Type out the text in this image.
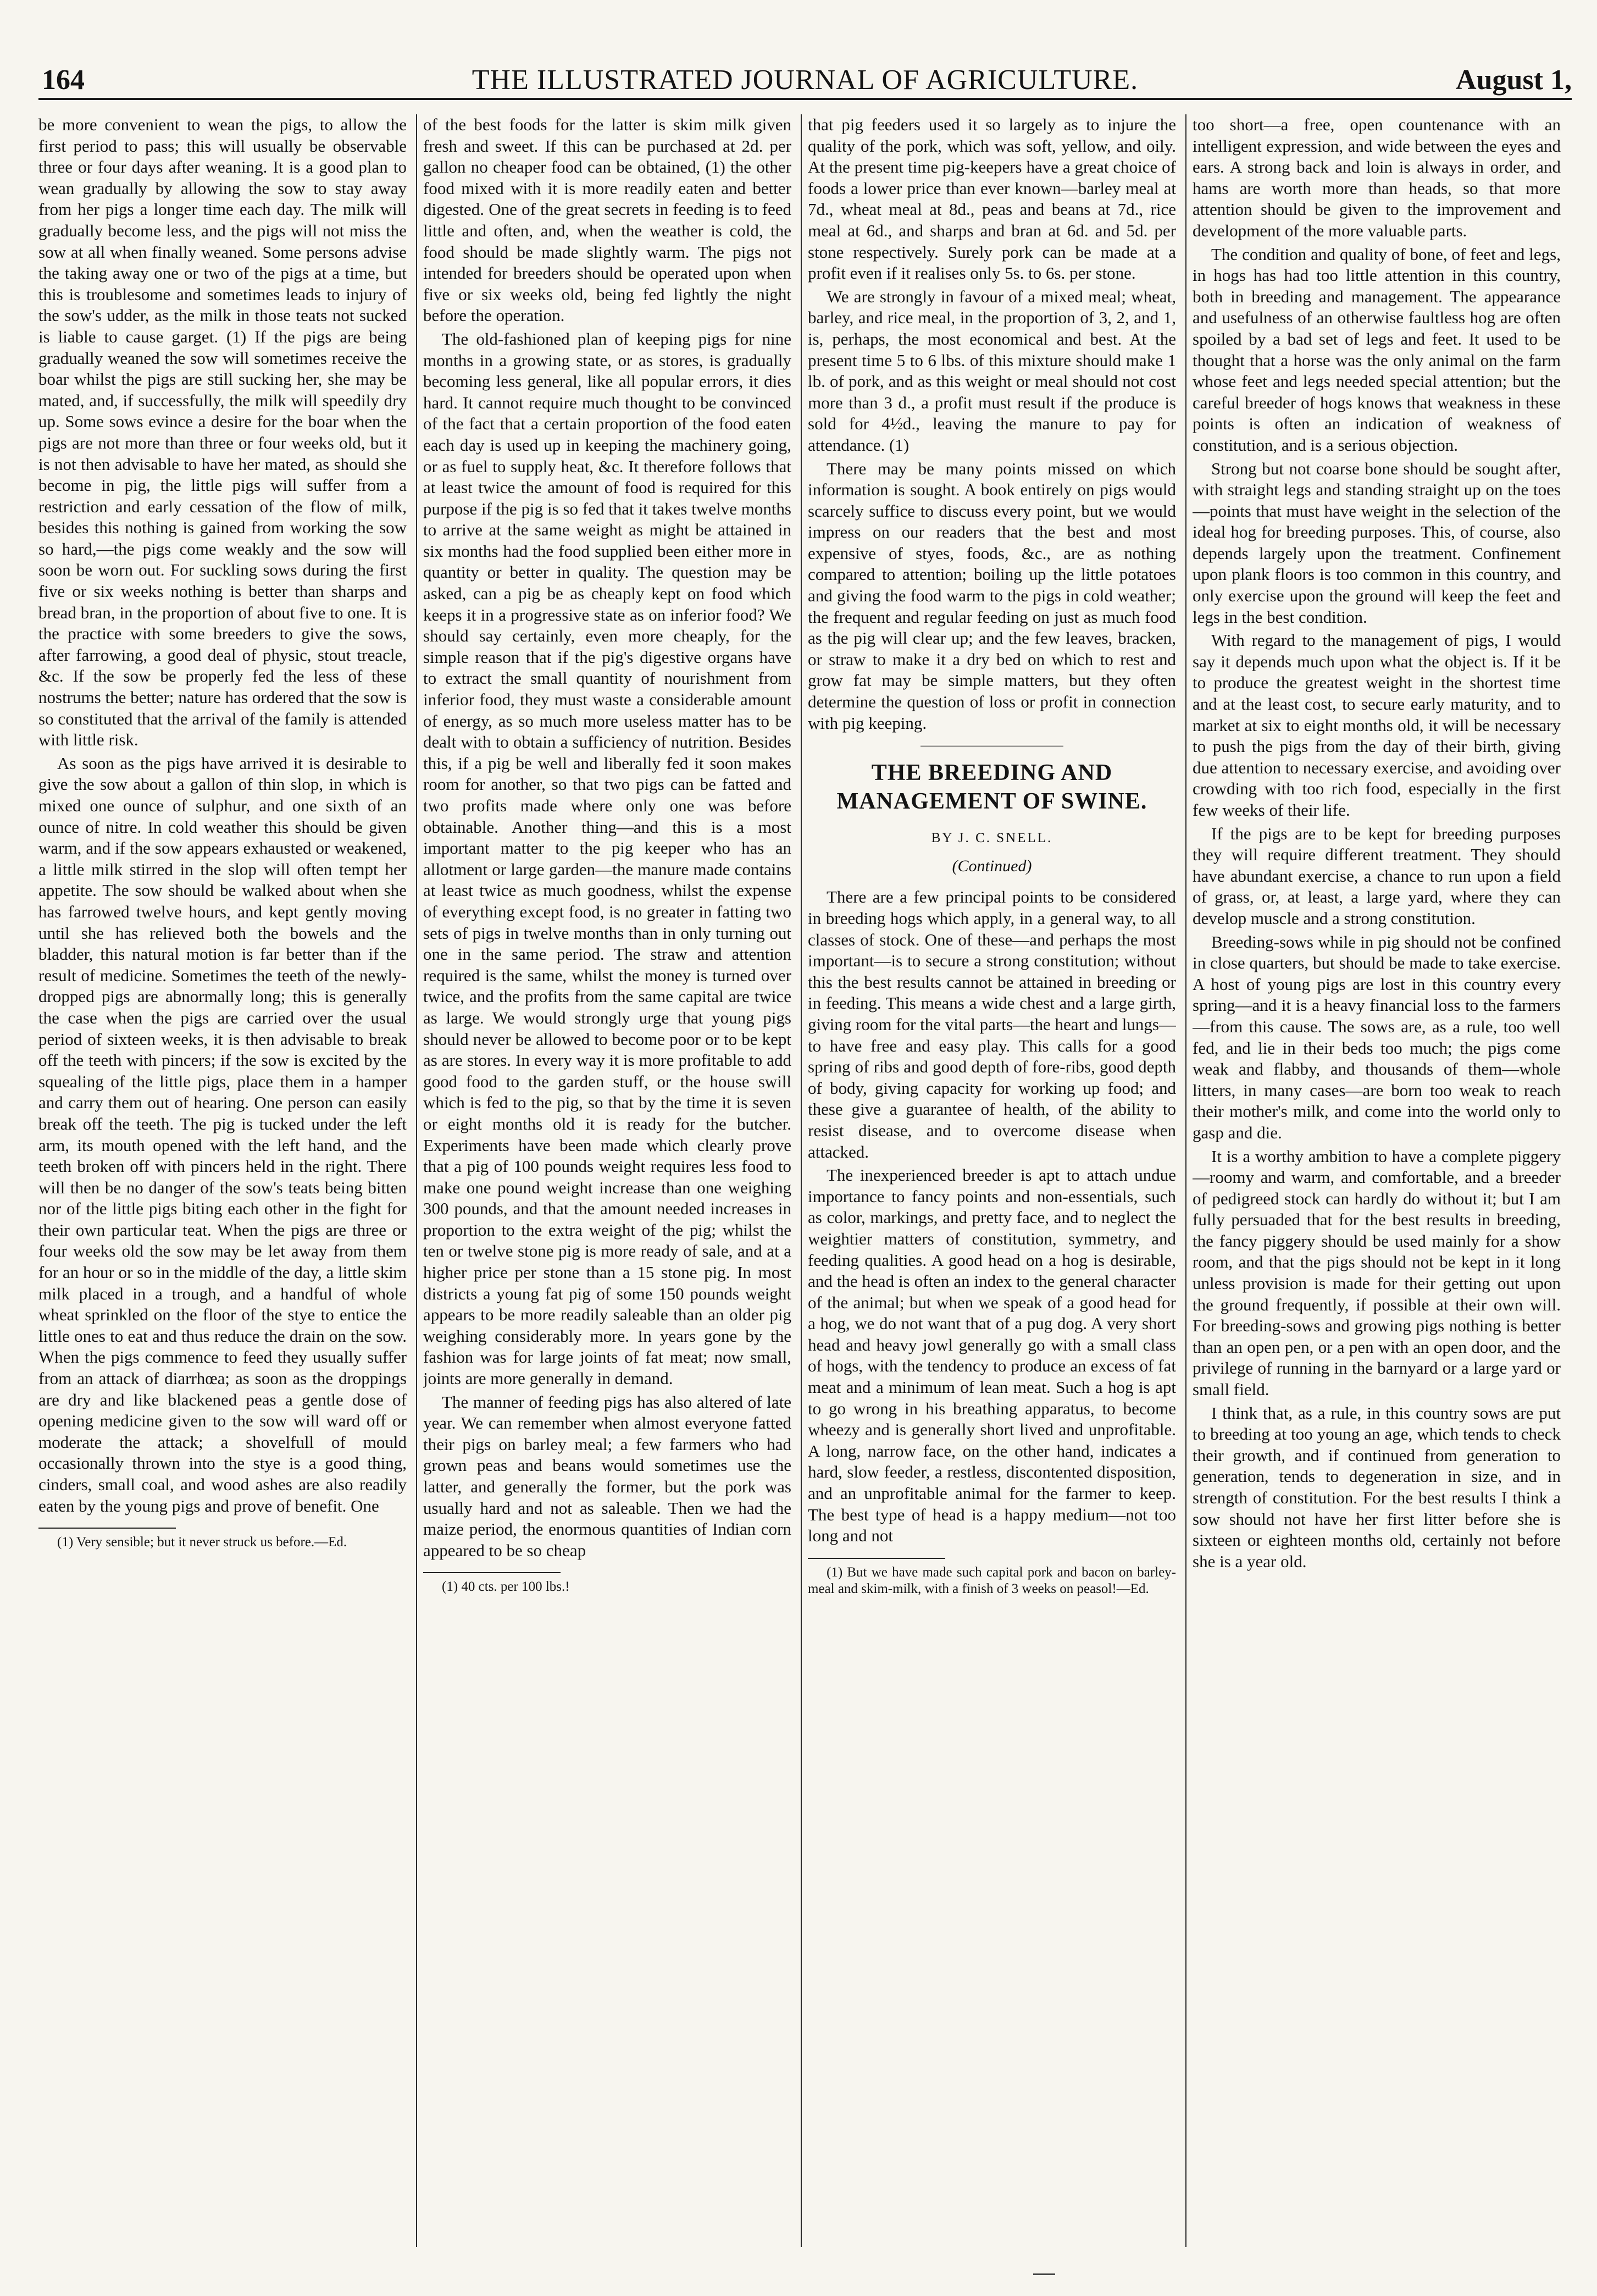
164	THE ILLUSTRATED JOURNAL OF AGRICULTURE.	August 1,

be more convenient to wean the pigs, to allow the first period to pass; this will usually be observable three or four days after weaning. It is a good plan to wean gradually by allowing the sow to stay away from her pigs a longer time each day. The milk will gradually become less, and the pigs will not miss the sow at all when finally weaned. Some persons advise the taking away one or two of the pigs at a time, but this is troublesome and sometimes leads to injury of the sow's udder, as the milk in those teats not sucked is liable to cause garget. (1) If the pigs are being gradually weaned the sow will sometimes receive the boar whilst the pigs are still sucking her, she may be mated, and, if successfully, the milk will speedily dry up. Some sows evince a desire for the boar when the pigs are not more than three or four weeks old, but it is not then advisable to have her mated, as should she become in pig, the little pigs will suffer from a restriction and early cessation of the flow of milk, besides this nothing is gained from working the sow so hard,—the pigs come weakly and the sow will soon be worn out. For suckling sows during the first five or six weeks nothing is better than sharps and bread bran, in the proportion of about five to one. It is the practice with some breeders to give the sows, after farrowing, a good deal of physic, stout treacle, &c. If the sow be properly fed the less of these nostrums the better; nature has ordered that the sow is so constituted that the arrival of the family is attended with little risk.

As soon as the pigs have arrived it is desirable to give the sow about a gallon of thin slop, in which is mixed one ounce of sulphur, and one sixth of an ounce of nitre. In cold weather this should be given warm, and if the sow appears exhausted or weakened, a little milk stirred in the slop will often tempt her appetite. The sow should be walked about when she has farrowed twelve hours, and kept gently moving until she has relieved both the bowels and the bladder, this natural motion is far better than if the result of medicine. Sometimes the teeth of the newly-dropped pigs are abnormally long; this is generally the case when the pigs are carried over the usual period of sixteen weeks, it is then advisable to break off the teeth with pincers; if the sow is excited by the squealing of the little pigs, place them in a hamper and carry them out of hearing. One person can easily break off the teeth. The pig is tucked under the left arm, its mouth opened with the left hand, and the teeth broken off with pincers held in the right. There will then be no danger of the sow's teats being bitten nor of the little pigs biting each other in the fight for their own particular teat. When the pigs are three or four weeks old the sow may be let away from them for an hour or so in the middle of the day, a little skim milk placed in a trough, and a handful of whole wheat sprinkled on the floor of the stye to entice the little ones to eat and thus reduce the drain on the sow. When the pigs commence to feed they usually suffer from an attack of diarrhœa; as soon as the droppings are dry and like blackened peas a gentle dose of opening medicine given to the sow will ward off or moderate the attack; a shovelfull of mould occasionally thrown into the stye is a good thing, cinders, small coal, and wood ashes are also readily eaten by the young pigs and prove of benefit. One

(1) Very sensible; but it never struck us before.—Ed.

of the best foods for the latter is skim milk given fresh and sweet. If this can be purchased at 2d. per gallon no cheaper food can be obtained, (1) the other food mixed with it is more readily eaten and better digested. One of the great secrets in feeding is to feed little and often, and, when the weather is cold, the food should be made slightly warm. The pigs not intended for breeders should be operated upon when five or six weeks old, being fed lightly the night before the operation.

The old-fashioned plan of keeping pigs for nine months in a growing state, or as stores, is gradually becoming less general, like all popular errors, it dies hard. It cannot require much thought to be convinced of the fact that a certain proportion of the food eaten each day is used up in keeping the machinery going, or as fuel to supply heat, &c. It therefore follows that at least twice the amount of food is required for this purpose if the pig is so fed that it takes twelve months to arrive at the same weight as might be attained in six months had the food supplied been either more in quantity or better in quality. The question may be asked, can a pig be as cheaply kept on food which keeps it in a progressive state as on inferior food? We should say certainly, even more cheaply, for the simple reason that if the pig's digestive organs have to extract the small quantity of nourishment from inferior food, they must waste a considerable amount of energy, as so much more useless matter has to be dealt with to obtain a sufficiency of nutrition. Besides this, if a pig be well and liberally fed it soon makes room for another, so that two pigs can be fatted and two profits made where only one was before obtainable. Another thing—and this is a most important matter to the pig keeper who has an allotment or large garden—the manure made contains at least twice as much goodness, whilst the expense of everything except food, is no greater in fatting two sets of pigs in twelve months than in only turning out one in the same period. The straw and attention required is the same, whilst the money is turned over twice, and the profits from the same capital are twice as large. We would strongly urge that young pigs should never be allowed to become poor or to be kept as are stores. In every way it is more profitable to add good food to the garden stuff, or the house swill which is fed to the pig, so that by the time it is seven or eight months old it is ready for the butcher. Experiments have been made which clearly prove that a pig of 100 pounds weight requires less food to make one pound weight increase than one weighing 300 pounds, and that the amount needed increases in proportion to the extra weight of the pig; whilst the ten or twelve stone pig is more ready of sale, and at a higher price per stone than a 15 stone pig. In most districts a young fat pig of some 150 pounds weight appears to be more readily saleable than an older pig weighing considerably more. In years gone by the fashion was for large joints of fat meat; now small, joints are more generally in demand.

The manner of feeding pigs has also altered of late year. We can remember when almost everyone fatted their pigs on barley meal; a few farmers who had grown peas and beans would sometimes use the latter, and generally the former, but the pork was usually hard and not as saleable. Then we had the maize period, the enormous quantities of Indian corn appeared to be so cheap

(1) 40 cts. per 100 lbs.!

that pig feeders used it so largely as to injure the quality of the pork, which was soft, yellow, and oily. At the present time pig-keepers have a great choice of foods a lower price than ever known—barley meal at 7d., wheat meal at 8d., peas and beans at 7d., rice meal at 6d., and sharps and bran at 6d. and 5d. per stone respectively. Surely pork can be made at a profit even if it realises only 5s. to 6s. per stone.

We are strongly in favour of a mixed meal; wheat, barley, and rice meal, in the proportion of 3, 2, and 1, is, perhaps, the most economical and best. At the present time 5 to 6 lbs. of this mixture should make 1 lb. of pork, and as this weight or meal should not cost more than 3 d., a profit must result if the produce is sold for 4½d., leaving the manure to pay for attendance. (1)

There may be many points missed on which information is sought. A book entirely on pigs would scarcely suffice to discuss every point, but we would impress on our readers that the best and most expensive of styes, foods, &c., are as nothing compared to attention; boiling up the little potatoes and giving the food warm to the pigs in cold weather; the frequent and regular feeding on just as much food as the pig will clear up; and the few leaves, bracken, or straw to make it a dry bed on which to rest and grow fat may be simple matters, but they often determine the question of loss or profit in connection with pig keeping.

THE BREEDING AND MANAGEMENT OF SWINE.
BY J. C. SNELL.
(Continued)

There are a few principal points to be considered in breeding hogs which apply, in a general way, to all classes of stock. One of these—and perhaps the most important—is to secure a strong constitution; without this the best results cannot be attained in breeding or in feeding. This means a wide chest and a large girth, giving room for the vital parts—the heart and lungs—to have free and easy play. This calls for a good spring of ribs and good depth of fore-ribs, good depth of body, giving capacity for working up food; and these give a guarantee of health, of the ability to resist disease, and to overcome disease when attacked.

The inexperienced breeder is apt to attach undue importance to fancy points and non-essentials, such as color, markings, and pretty face, and to neglect the weightier matters of constitution, symmetry, and feeding qualities. A good head on a hog is desirable, and the head is often an index to the general character of the animal; but when we speak of a good head for a hog, we do not want that of a pug dog. A very short head and heavy jowl generally go with a small class of hogs, with the tendency to produce an excess of fat meat and a minimum of lean meat. Such a hog is apt to go wrong in his breathing apparatus, to become wheezy and is generally short lived and unprofitable. A long, narrow face, on the other hand, indicates a hard, slow feeder, a restless, discontented disposition, and an unprofitable animal for the farmer to keep. The best type of head is a happy medium—not too long and not

(1) But we have made such capital pork and bacon on barley-meal and skim-milk, with a finish of 3 weeks on peasol!—Ed.

too short—a free, open countenance with an intelligent expression, and wide between the eyes and ears. A strong back and loin is always in order, and hams are worth more than heads, so that more attention should be given to the improvement and development of the more valuable parts.

The condition and quality of bone, of feet and legs, in hogs has had too little attention in this country, both in breeding and management. The appearance and usefulness of an otherwise faultless hog are often spoiled by a bad set of legs and feet. It used to be thought that a horse was the only animal on the farm whose feet and legs needed special attention; but the careful breeder of hogs knows that weakness in these points is often an indication of weakness of constitution, and is a serious objection.

Strong but not coarse bone should be sought after, with straight legs and standing straight up on the toes—points that must have weight in the selection of the ideal hog for breeding purposes. This, of course, also depends largely upon the treatment. Confinement upon plank floors is too common in this country, and only exercise upon the ground will keep the feet and legs in the best condition.

With regard to the management of pigs, I would say it depends much upon what the object is. If it be to produce the greatest weight in the shortest time and at the least cost, to secure early maturity, and to market at six to eight months old, it will be necessary to push the pigs from the day of their birth, giving due attention to necessary exercise, and avoiding over crowding with too rich food, especially in the first few weeks of their life.

If the pigs are to be kept for breeding purposes they will require different treatment. They should have abundant exercise, a chance to run upon a field of grass, or, at least, a large yard, where they can develop muscle and a strong constitution.

Breeding-sows while in pig should not be confined in close quarters, but should be made to take exercise. A host of young pigs are lost in this country every spring—and it is a heavy financial loss to the farmers—from this cause. The sows are, as a rule, too well fed, and lie in their beds too much; the pigs come weak and flabby, and thousands of them—whole litters, in many cases—are born too weak to reach their mother's milk, and come into the world only to gasp and die.

It is a worthy ambition to have a complete piggery—roomy and warm, and comfortable, and a breeder of pedigreed stock can hardly do without it; but I am fully persuaded that for the best results in breeding, the fancy piggery should be used mainly for a show room, and that the pigs should not be kept in it long unless provision is made for their getting out upon the ground frequently, if possible at their own will. For breeding-sows and growing pigs nothing is better than an open pen, or a pen with an open door, and the privilege of running in the barnyard or a large yard or small field.

I think that, as a rule, in this country sows are put to breeding at too young an age, which tends to check their growth, and if continued from generation to generation, tends to degeneration in size, and in strength of constitution. For the best results I think a sow should not have her first litter before she is sixteen or eighteen months old, certainly not before she is a year old.
